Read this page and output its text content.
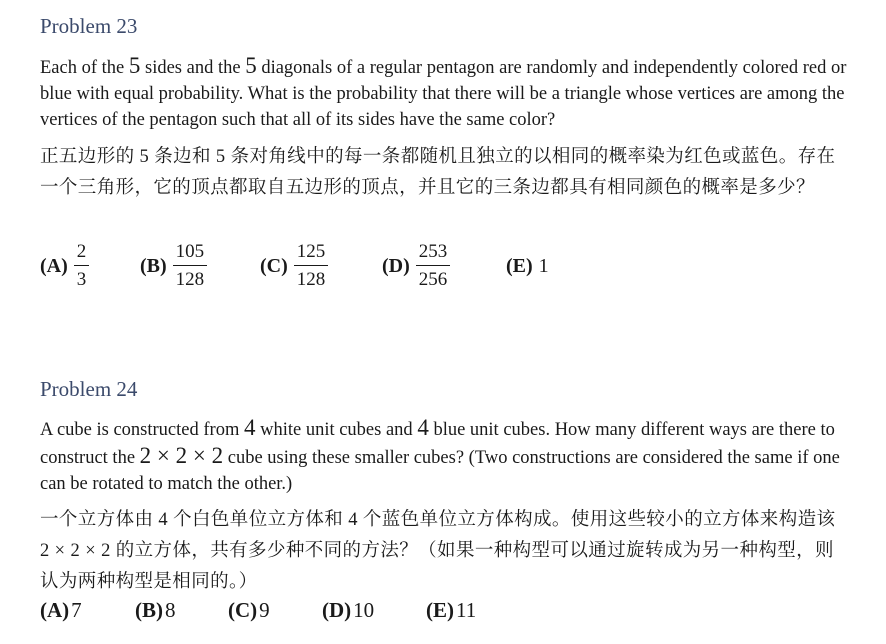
Problem 23
Each of the 5 sides and the 5 diagonals of a regular pentagon are randomly and independently colored red or blue with equal probability. What is the probability that there will be a triangle whose vertices are among the vertices of the pentagon such that all of its sides have the same color?
正五边形的 5 条边和 5 条对角线中的每一条都随机且独立的以相同的概率染为红色或蓝色。存在一个三角形，它的顶点都取自五边形的顶点，并且它的三条边都具有相同颜色的概率是多少？
$(A) \frac{2}{3}$	$(B) \frac{105}{128}$	$(C) \frac{125}{128}$	$(D) \frac{253}{256}$	(E) 1
Problem 24
A cube is constructed from 4 white unit cubes and 4 blue unit cubes. How many different ways are there to construct the 2 × 2 × 2 cube using these smaller cubes? (Two constructions are considered the same if one can be rotated to match the other.)
一个立方体由 4 个白色单位立方体和 4 个蓝色单位立方体构成。使用这些较小的立方体来构造该 2 × 2 × 2 的立方体，共有多少种不同的方法？（如果一种构型可以通过旋转成为另一种构型，则认为两种构型是相同的。）
(A)7	(B)8	(C)9 (D)10 (E)11
